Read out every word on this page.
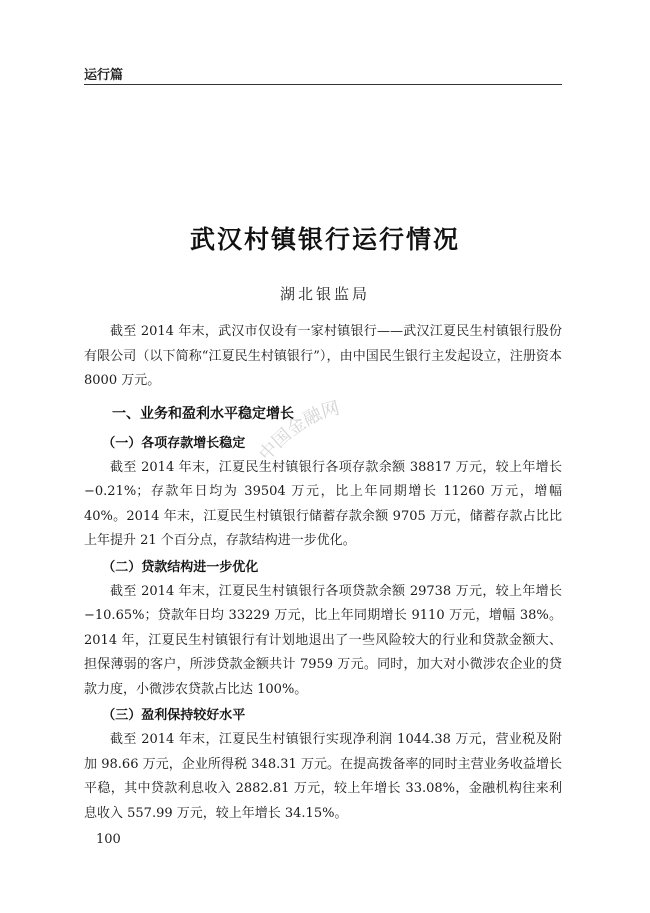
运行篇
武汉村镇银行运行情况
湖北银监局

截至 2014 年末，武汉市仅设有一家村镇银行——武汉江夏民生村镇银行股份有限公司（以下简称“江夏民生村镇银行”），由中国民生银行主发起设立，注册资本 8000 万元。

一、业务和盈利水平稳定增长
（一）各项存款增长稳定

截至 2014 年末，江夏民生村镇银行各项存款余额 38817 万元，较上年增长 −0.21%；存款年日均为 39504 万元，比上年同期增长 11260 万元，增幅 40%。2014 年末，江夏民生村镇银行储蓄存款余额 9705 万元，储蓄存款占比比上年提升 21 个百分点，存款结构进一步优化。

（二）贷款结构进一步优化

截至 2014 年末，江夏民生村镇银行各项贷款余额 29738 万元，较上年增长 −10.65%；贷款年日均 33229 万元，比上年同期增长 9110 万元，增幅 38%。2014 年，江夏民生村镇银行有计划地退出了一些风险较大的行业和贷款金额大、担保薄弱的客户，所涉贷款金额共计 7959 万元。同时，加大对小微涉农企业的贷款力度，小微涉农贷款占比达 100%。

（三）盈利保持较好水平

截至 2014 年末，江夏民生村镇银行实现净利润 1044.38 万元，营业税及附加 98.66 万元，企业所得税 348.31 万元。在提高拨备率的同时主营业务收益增长平稳，其中贷款利息收入 2882.81 万元，较上年增长 33.08%，金融机构往来利息收入 557.99 万元，较上年增长 34.15%。

中国金融网
100
